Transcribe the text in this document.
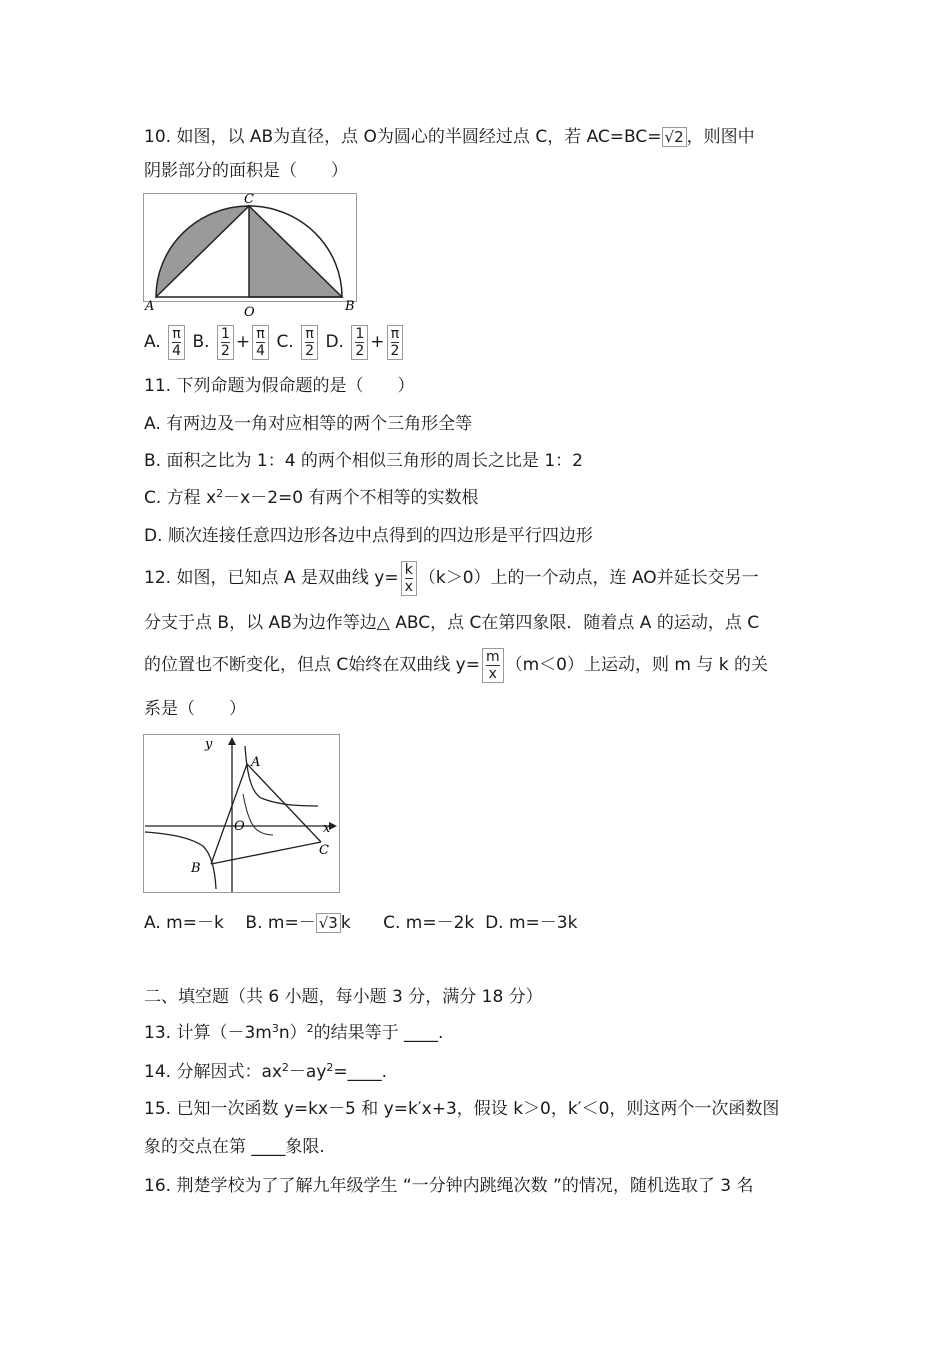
10. 如图，以 AB为直径，点 O为圆心的半圆经过点 C，若 AC=BC= √2 ，则图中
阴影部分的面积是（　　）
A	B
C
O
A. $\frac{\pi}{4} B$. $\frac{1}{2} + \frac{\pi}{4} C$. $\frac{\pi}{2} D$. $\frac{1}{2} + \frac{\pi}{2}$
11. 下列命题为假命题的是（　　）
A. 有两边及一角对应相等的两个三角形全等
B. 面积之比为 1：4 的两个相似三角形的周长之比是 1：2
C. 方程 $x^2-x-2=0$ 有两个不相等的实数根
D. 顺次连接任意四边形各边中点得到的四边形是平行四边形
12. 如图，已知点 A 是双曲线 $y= \frac{k}{x} (k>0)$上的一个动点，连 AO并延长交另一
分支于点 B，以 AB为边作等边△ ABC，点 C在第四象限．随着点 A 的运动，点 C
的位置也不断变化，但点 C始终在双曲线 $y= \frac{m}{x} (m<0)$上运动，则 m 与 k 的关
系是（　　）
y
x
A
O
B
C
A. m=－k B. m=－ √3 k C. m=－2k D. m=－3k
二、填空题（共 6 小题，每小题 3 分，满分 18 分）
13. 计算$(-3m^3n)^2$的结果等于 ____.
14. 分解因式：$ax^2-ay^2=\_\_\_\_$.
15. 已知一次函数 y=kx－5 和 y=k′x+3，假设 k＞0，k′＜0，则这两个一次函数图
象的交点在第 ____象限.
16. 荆楚学校为了了解九年级学生 “一分钟内跳绳次数 ”的情况，随机选取了 3 名
